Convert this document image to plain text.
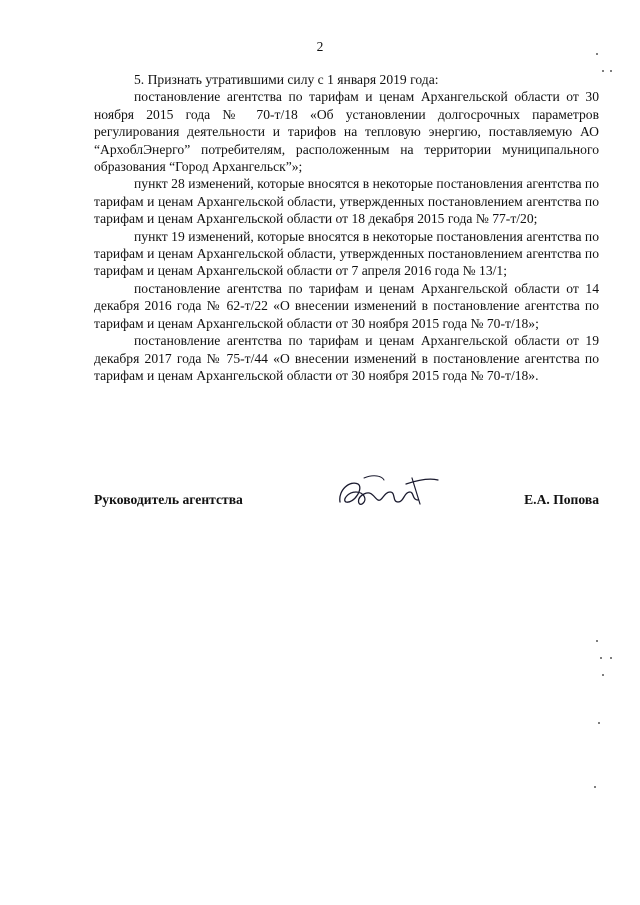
2

5. Признать утратившими силу с 1 января 2019 года:

постановление агентства по тарифам и ценам Архангельской области от 30 ноября 2015 года № 70-т/18 «Об установлении долгосрочных параметров регулирования деятельности и тарифов на тепловую энергию, поставляемую АО “АрхоблЭнерго” потребителям, расположенным на территории муниципального образования “Город Архангельск”»;

пункт 28 изменений, которые вносятся в некоторые постановления агентства по тарифам и ценам Архангельской области, утвержденных постановлением агентства по тарифам и ценам Архангельской области от 18 декабря 2015 года № 77-т/20;

пункт 19 изменений, которые вносятся в некоторые постановления агентства по тарифам и ценам Архангельской области, утвержденных постановлением агентства по тарифам и ценам Архангельской области от 7 апреля 2016 года № 13/1;

постановление агентства по тарифам и ценам Архангельской области от 14 декабря 2016 года № 62-т/22 «О внесении изменений в постановление агентства по тарифам и ценам Архангельской области от 30 ноября 2015 года № 70-т/18»;

постановление агентства по тарифам и ценам Архангельской области от 19 декабря 2017 года № 75-т/44 «О внесении изменений в постановление агентства по тарифам и ценам Архангельской области от 30 ноября 2015 года № 70-т/18».

Руководитель агентства	Е.А. Попова
